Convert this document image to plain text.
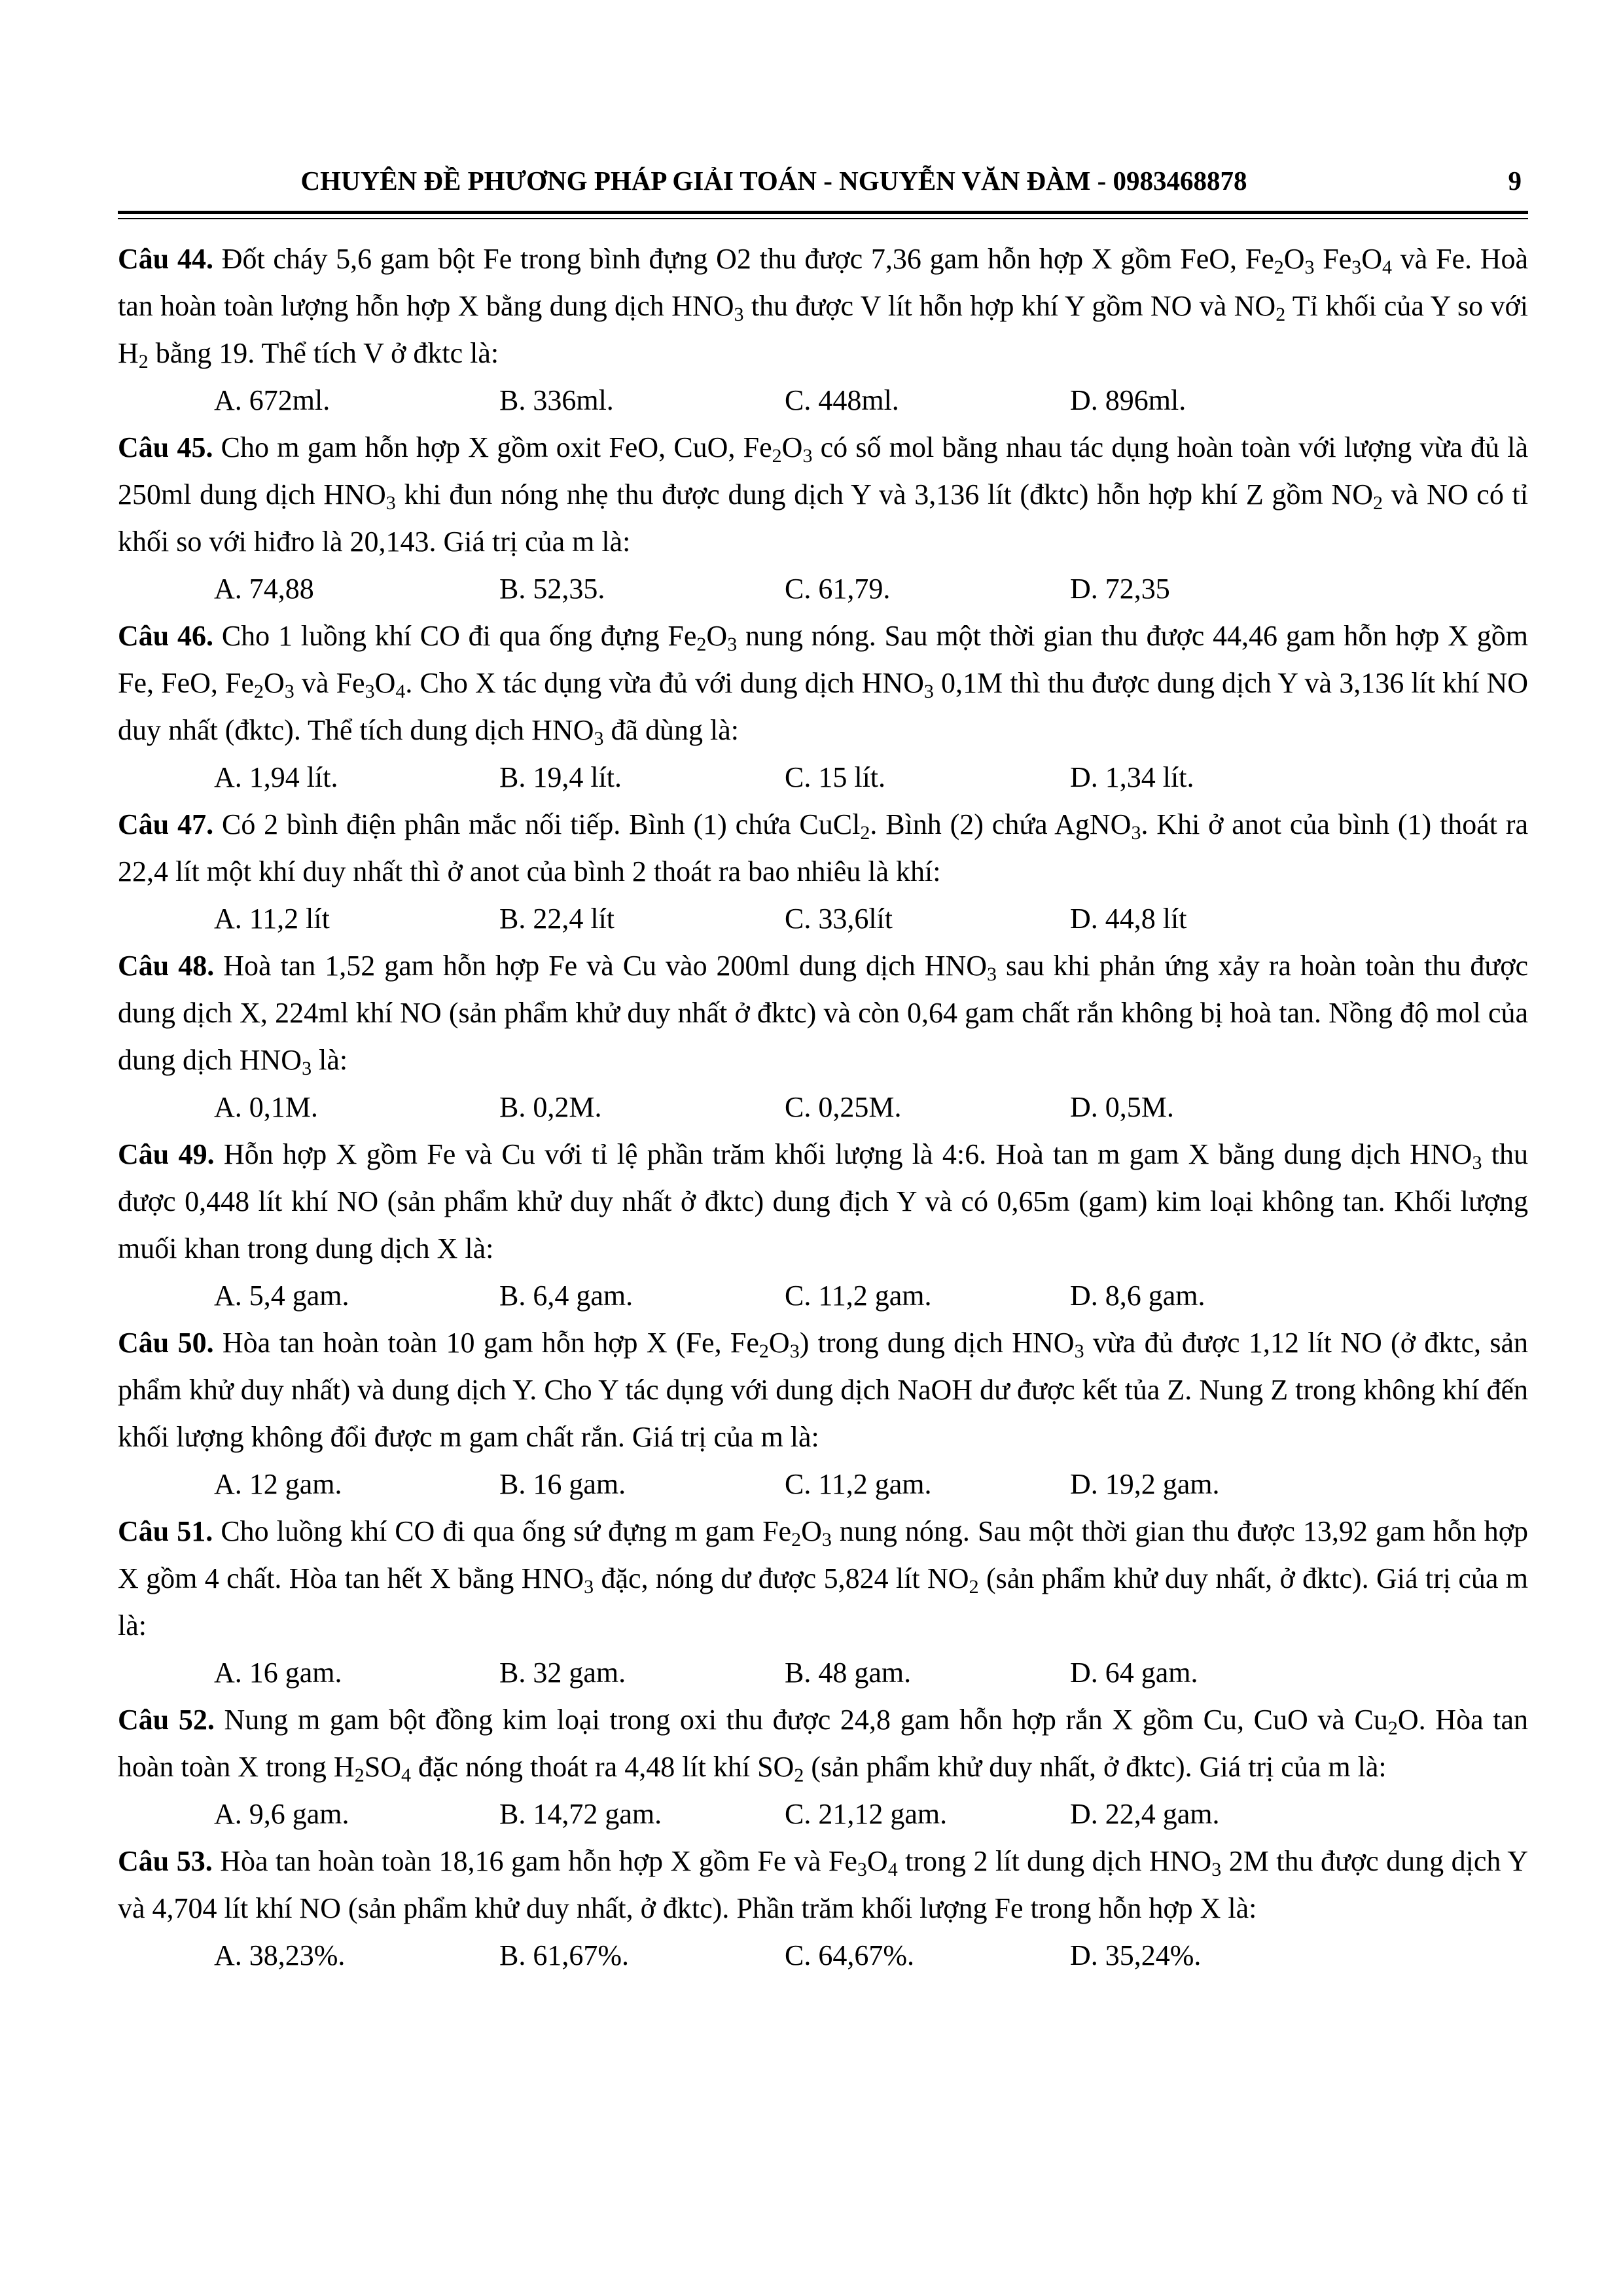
CHUYÊN ĐỀ PHƯƠNG PHÁP GIẢI TOÁN - NGUYỄN VĂN ĐÀM - 0983468878	9

Câu 44. Đốt cháy 5,6 gam bột Fe trong bình đựng O2 thu được 7,36 gam hỗn hợp X gồm FeO, $Fe_2O_3$ $Fe_3O_4$ và Fe. Hoà tan hoàn toàn lượng hỗn hợp X bằng dung dịch $HNO_3$ thu được V lít hỗn hợp khí Y gồm NO và $NO_2$ Tỉ khối của Y so với $H_2$ bằng 19. Thể tích V ở đktc là:

A. 672ml.	B. 336ml.	C. 448ml.	D. 896ml.

Câu 45. Cho m gam hỗn hợp X gồm oxit FeO, CuO, $Fe_2O_3$ có số mol bằng nhau tác dụng hoàn toàn với lượng vừa đủ là 250ml dung dịch $HNO_3$ khi đun nóng nhẹ thu được dung dịch Y và 3,136 lít (đktc) hỗn hợp khí Z gồm $NO_2$ và NO có tỉ khối so với hiđro là 20,143. Giá trị của m là:

A. 74,88	B. 52,35.	C. 61,79.	D. 72,35

Câu 46. Cho 1 luồng khí CO đi qua ống đựng $Fe_2O_3$ nung nóng. Sau một thời gian thu được 44,46 gam hỗn hợp X gồm Fe, FeO, $Fe_2O_3$ và $Fe_3O_4$. Cho X tác dụng vừa đủ với dung dịch $HNO_3$ 0,1M thì thu được dung dịch Y và 3,136 lít khí NO duy nhất (đktc). Thể tích dung dịch $HNO_3$ đã dùng là:

A. 1,94 lít.	B. 19,4 lít.	C. 15 lít.	D. 1,34 lít.

Câu 47. Có 2 bình điện phân mắc nối tiếp. Bình (1) chứa CuCl$_2$. Bình (2) chứa AgNO$_3$. Khi ở anot của bình (1) thoát ra 22,4 lít một khí duy nhất thì ở anot của bình 2 thoát ra bao nhiêu là khí:

A. 11,2 lít	B. 22,4 lít	C. 33,6lít	D. 44,8 lít

Câu 48. Hoà tan 1,52 gam hỗn hợp Fe và Cu vào 200ml dung dịch $HNO_3$ sau khi phản ứng xảy ra hoàn toàn thu được dung dịch X, 224ml khí NO (sản phẩm khử duy nhất ở đktc) và còn 0,64 gam chất rắn không bị hoà tan. Nồng độ mol của dung dịch $HNO_3$ là:

A. 0,1M.	B. 0,2M.	C. 0,25M.	D. 0,5M.

Câu 49. Hỗn hợp X gồm Fe và Cu với tỉ lệ phần trăm khối lượng là 4:6. Hoà tan m gam X bằng dung dịch $HNO_3$ thu được 0,448 lít khí NO (sản phẩm khử duy nhất ở đktc) dung địch Y và có 0,65m (gam) kim loại không tan. Khối lượng muối khan trong dung dịch X là:

A. 5,4 gam.	B. 6,4 gam.	C. 11,2 gam.	D. 8,6 gam.

Câu 50. Hòa tan hoàn toàn 10 gam hỗn hợp X (Fe, $Fe_2O_3$) trong dung dịch $HNO_3$ vừa đủ được 1,12 lít NO (ở đktc, sản phẩm khử duy nhất) và dung dịch Y. Cho Y tác dụng với dung dịch NaOH dư được kết tủa Z. Nung Z trong không khí đến khối lượng không đổi được m gam chất rắn. Giá trị của m là:

A. 12 gam.	B. 16 gam.	C. 11,2 gam.	D. 19,2 gam.

Câu 51. Cho luồng khí CO đi qua ống sứ đựng m gam $Fe_2O_3$ nung nóng. Sau một thời gian thu được 13,92 gam hỗn hợp X gồm 4 chất. Hòa tan hết X bằng $HNO_3$ đặc, nóng dư được 5,824 lít $NO_2$ (sản phẩm khử duy nhất, ở đktc). Giá trị của m là:

A. 16 gam.	B. 32 gam.	B. 48 gam.	D. 64 gam.

Câu 52. Nung m gam bột đồng kim loại trong oxi thu được 24,8 gam hỗn hợp rắn X gồm Cu, CuO và $Cu_2O$. Hòa tan hoàn toàn X trong $H_2SO_4$ đặc nóng thoát ra 4,48 lít khí $SO_2$ (sản phẩm khử duy nhất, ở đktc). Giá trị của m là:

A. 9,6 gam.	B. 14,72 gam.	C. 21,12 gam.	D. 22,4 gam.

Câu 53. Hòa tan hoàn toàn 18,16 gam hỗn hợp X gồm Fe và $Fe_3O_4$ trong 2 lít dung dịch $HNO_3$ 2M thu được dung dịch Y và 4,704 lít khí NO (sản phẩm khử duy nhất, ở đktc). Phần trăm khối lượng Fe trong hỗn hợp X là:

A. 38,23%.	B. 61,67%.	C. 64,67%.	D. 35,24%.
